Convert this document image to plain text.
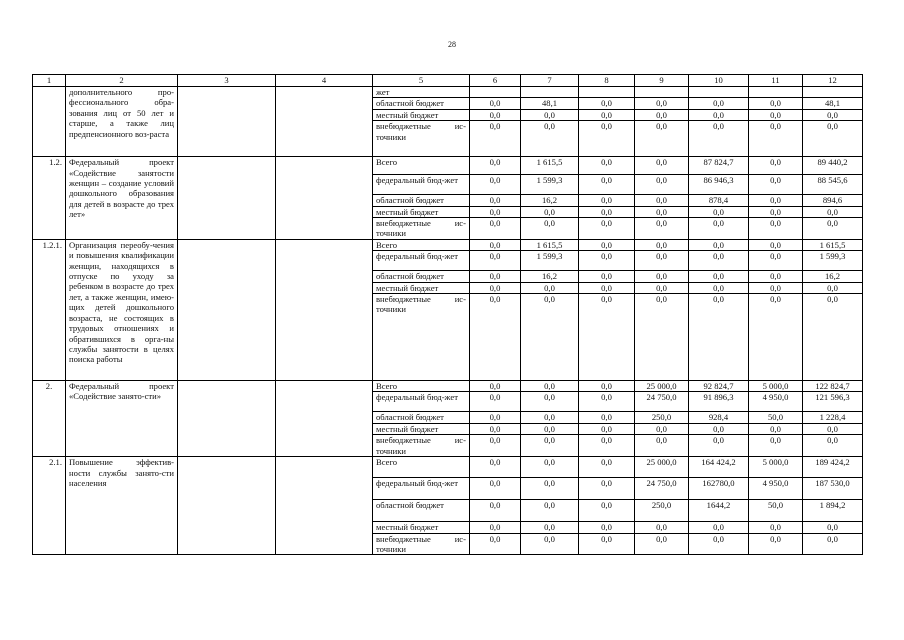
28
1	2	3	4	5	6	7	8	9	10	11	12
	дополнительного про-фессионального обра-зования лиц от 50 лет и старше, а также лиц предпенсионного воз-раста			жет							
				областной бюджет	0,0	48,1	0,0	0,0	0,0	0,0	48,1
				местный бюджет	0,0	0,0	0,0	0,0	0,0	0,0	0,0
				внебюджетные ис-точники	0,0	0,0	0,0	0,0	0,0	0,0	0,0
1.2.	Федеральный проект «Содействие занятости женщин – создание условий дошкольного образования для детей в возрасте до трех лет»			Всего	0,0	1 615,5	0,0	0,0	87 824,7	0,0	89 440,2
				федеральный бюд-жет	0,0	1 599,3	0,0	0,0	86 946,3	0,0	88 545,6
				областной бюджет	0,0	16,2	0,0	0,0	878,4	0,0	894,6
				местный бюджет	0,0	0,0	0,0	0,0	0,0	0,0	0,0
				внебюджетные ис-точники	0,0	0,0	0,0	0,0	0,0	0,0	0,0
1.2.1.	Организация переобу-чения и повышения квалификации женщин, находящихся в отпуске по уходу за ребенком в возрасте до трех лет, а также женщин, имею-щих детей дошкольного возраста, не состоящих в трудовых отношениях и обратившихся в орга-ны службы занятости в целях поиска работы			Всего	0,0	1 615,5	0,0	0,0	0,0	0,0	1 615,5
				федеральный бюд-жет	0,0	1 599,3	0,0	0,0	0,0	0,0	1 599,3
				областной бюджет	0,0	16,2	0,0	0,0	0,0	0,0	16,2
				местный бюджет	0,0	0,0	0,0	0,0	0,0	0,0	0,0
				внебюджетные ис-точники	0,0	0,0	0,0	0,0	0,0	0,0	0,0
2.	Федеральный проект «Содействие занято-сти»			Всего	0,0	0,0	0,0	25 000,0	92 824,7	5 000,0	122 824,7
				федеральный бюд-жет	0,0	0,0	0,0	24 750,0	91 896,3	4 950,0	121 596,3
				областной бюджет	0,0	0,0	0,0	250,0	928,4	50,0	1 228,4
				местный бюджет	0,0	0,0	0,0	0,0	0,0	0,0	0,0
				внебюджетные ис-точники	0,0	0,0	0,0	0,0	0,0	0,0	0,0
2.1.	Повышение эффектив-ности службы занято-сти населения			Всего	0,0	0,0	0,0	25 000,0	164 424,2	5 000,0	189 424,2
				федеральный бюд-жет	0,0	0,0	0,0	24 750,0	162780,0	4 950,0	187 530,0
				областной бюджет	0,0	0,0	0,0	250,0	1644,2	50,0	1 894,2
				местный бюджет	0,0	0,0	0,0	0,0	0,0	0,0	0,0
				внебюджетные ис-точники	0,0	0,0	0,0	0,0	0,0	0,0	0,0
